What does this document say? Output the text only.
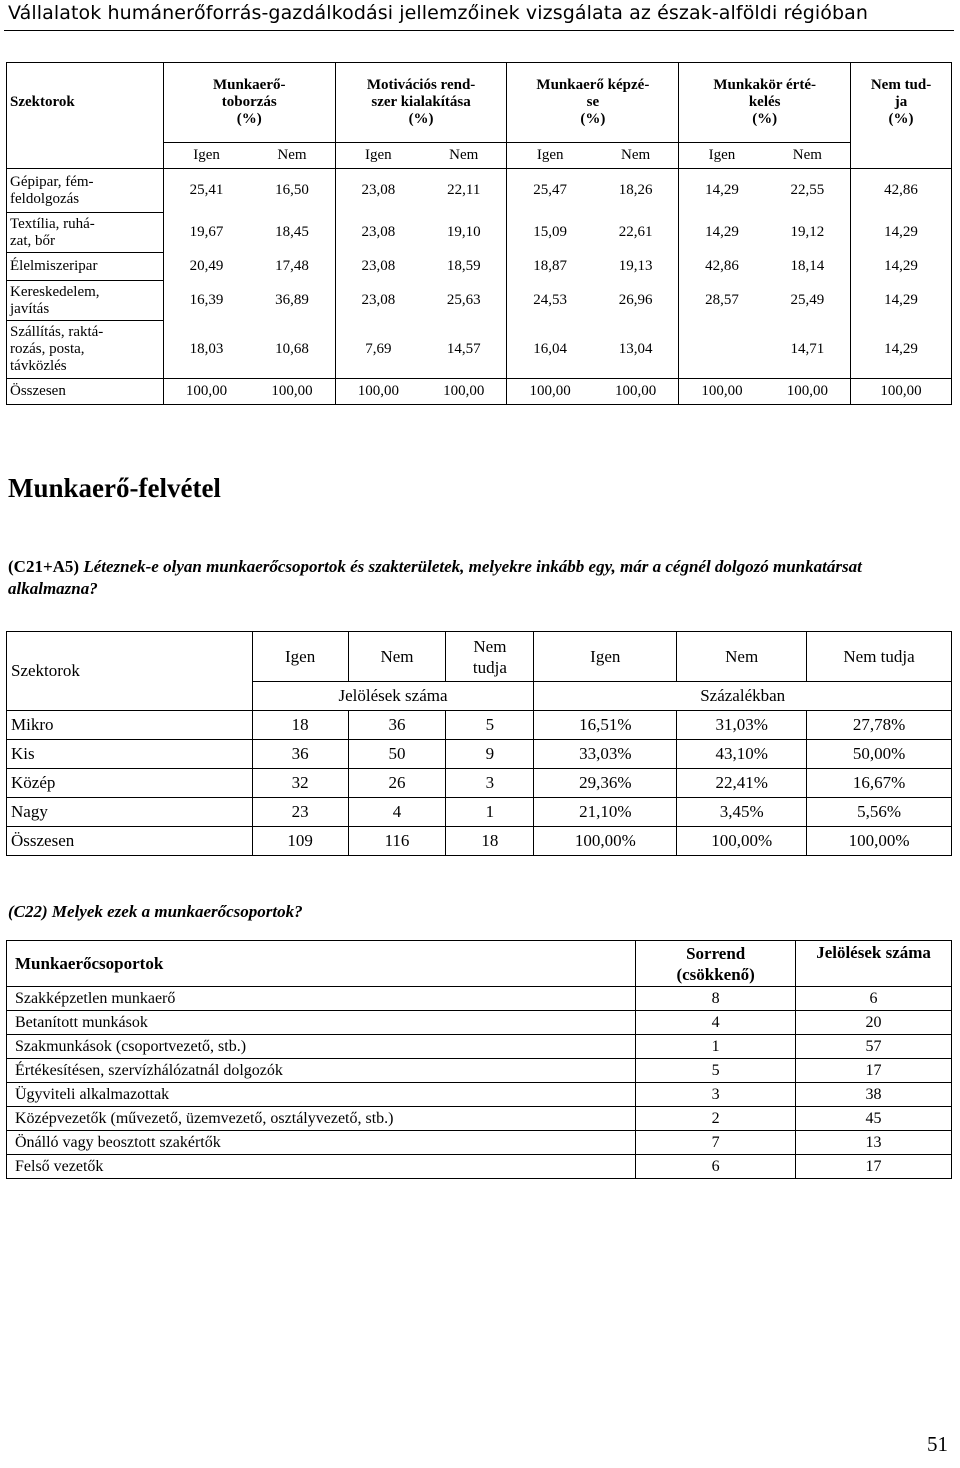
Vállalatok humánerőforrás-gazdálkodási jellemzőinek vizsgálata az észak-alföldi régióban
Szektorok	Munkaerő-
toborzás
(%)		Motivációs rend-
szer kialakítása
(%)		Munkaerő képzé-
se
(%)		Munkakör érté-
kelés
(%)		Nem tud-
ja
(%)
	Igen	Nem	Igen	Nem	Igen	Nem	Igen	Nem	
Gépipar, fém-
feldolgozás	25,41	16,50	23,08	22,11	25,47	18,26	14,29	22,55	42,86
Textília, ruhá-
zat, bőr	19,67	18,45	23,08	19,10	15,09	22,61	14,29	19,12	14,29
Élelmiszeripar	20,49	17,48	23,08	18,59	18,87	19,13	42,86	18,14	14,29
Kereskedelem,
javítás	16,39	36,89	23,08	25,63	24,53	26,96	28,57	25,49	14,29
Szállítás, raktá-
rozás, posta,
távközlés	18,03	10,68	7,69	14,57	16,04	13,04		14,71	14,29
Összesen	100,00	100,00	100,00	100,00	100,00	100,00	100,00	100,00	100,00
Munkaerő-felvétel
(C21+A5) Léteznek-e olyan munkaerőcsoportok és szakterületek, melyekre inkább egy, már a cégnél dolgozó munkatársat alkalmazna?
Szektorok	Igen	Nem	Nem
tudja	Igen	Nem	Nem tudja
	Jelölések száma			Százalékban		
Mikro	18	36	5	16,51%	31,03%	27,78%
Kis	36	50	9	33,03%	43,10%	50,00%
Közép	32	26	3	29,36%	22,41%	16,67%
Nagy	23	4	1	21,10%	3,45%	5,56%
Összesen	109	116	18	100,00%	100,00%	100,00%
(C22) Melyek ezek a munkaerőcsoportok?
Munkaerőcsoportok	Sorrend
(csökkenő)	Jelölések száma
Szakképzetlen munkaerő	8	6
Betanított munkások	4	20
Szakmunkások (csoportvezető, stb.)	1	57
Értékesítésen, szervízhálózatnál dolgozók	5	17
Ügyviteli alkalmazottak	3	38
Középvezetők (művezető, üzemvezető, osztályvezető, stb.)	2	45
Önálló vagy beosztott szakértők	7	13
Felső vezetők	6	17
51
